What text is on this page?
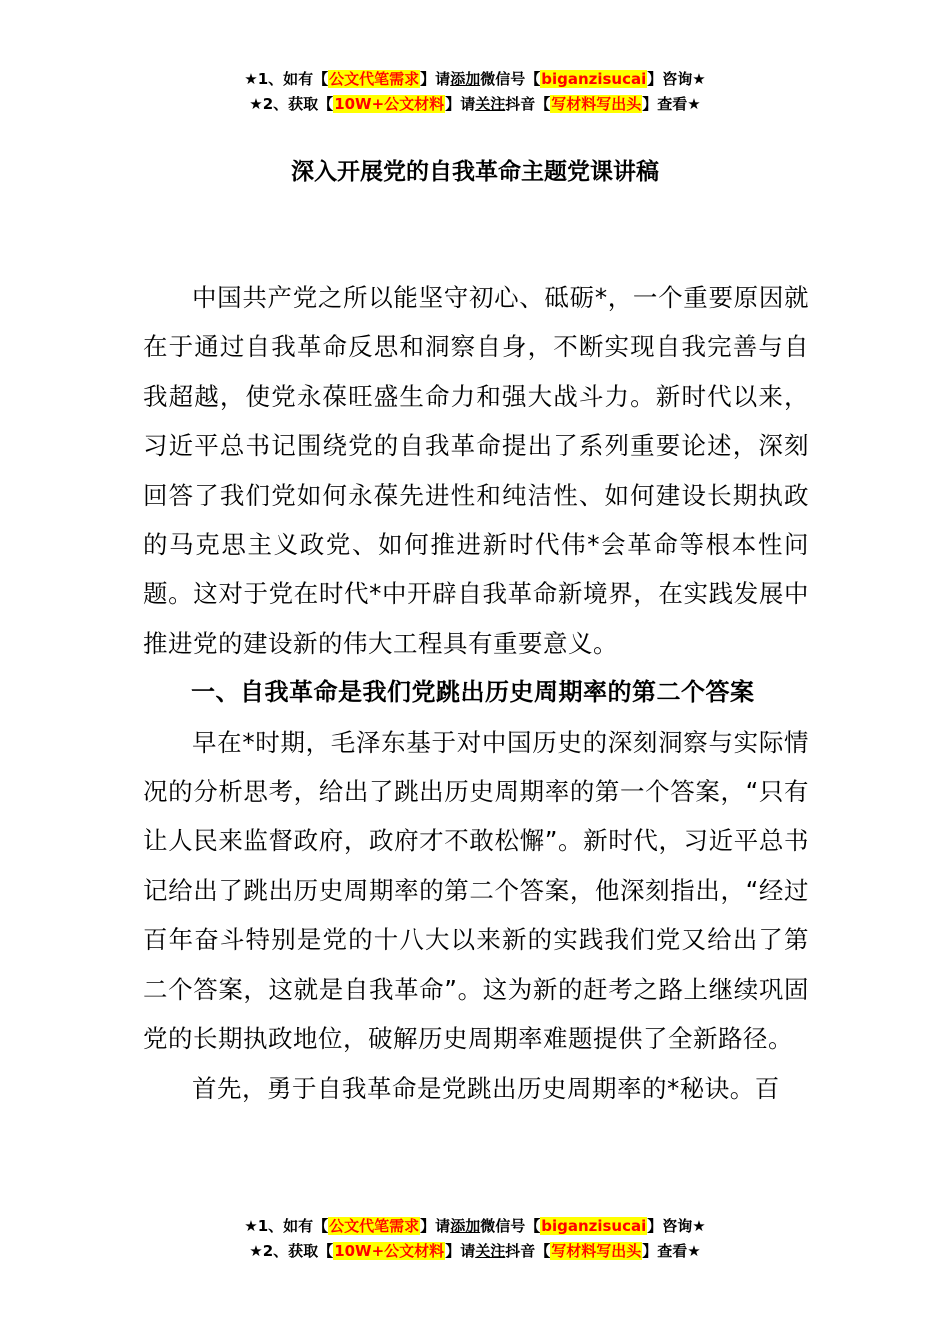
★1、如有【公文代笔需求】请添加微信号【biganzisucai】咨询★
★2、获取【10W+公文材料】请关注抖音【写材料写出头】查看★
深入开展党的自我革命主题党课讲稿

中国共产党之所以能坚守初心、砥砺*，一个重要原因就在于通过自我革命反思和洞察自身，不断实现自我完善与自我超越，使党永葆旺盛生命力和强大战斗力。新时代以来，习近平总书记围绕党的自我革命提出了系列重要论述，深刻回答了我们党如何永葆先进性和纯洁性、如何建设长期执政的马克思主义政党、如何推进新时代伟*会革命等根本性问题。这对于党在时代*中开辟自我革命新境界，在实践发展中推进党的建设新的伟大工程具有重要意义。

一、自我革命是我们党跳出历史周期率的第二个答案

早在*时期，毛泽东基于对中国历史的深刻洞察与实际情况的分析思考，给出了跳出历史周期率的第一个答案，“只有让人民来监督政府，政府才不敢松懈”。新时代，习近平总书记给出了跳出历史周期率的第二个答案，他深刻指出，“经过百年奋斗特别是党的十八大以来新的实践我们党又给出了第二个答案，这就是自我革命”。这为新的赶考之路上继续巩固党的长期执政地位，破解历史周期率难题提供了全新路径。

首先，勇于自我革命是党跳出历史周期率的*秘诀。百

★1、如有【公文代笔需求】请添加微信号【biganzisucai】咨询★
★2、获取【10W+公文材料】请关注抖音【写材料写出头】查看★
